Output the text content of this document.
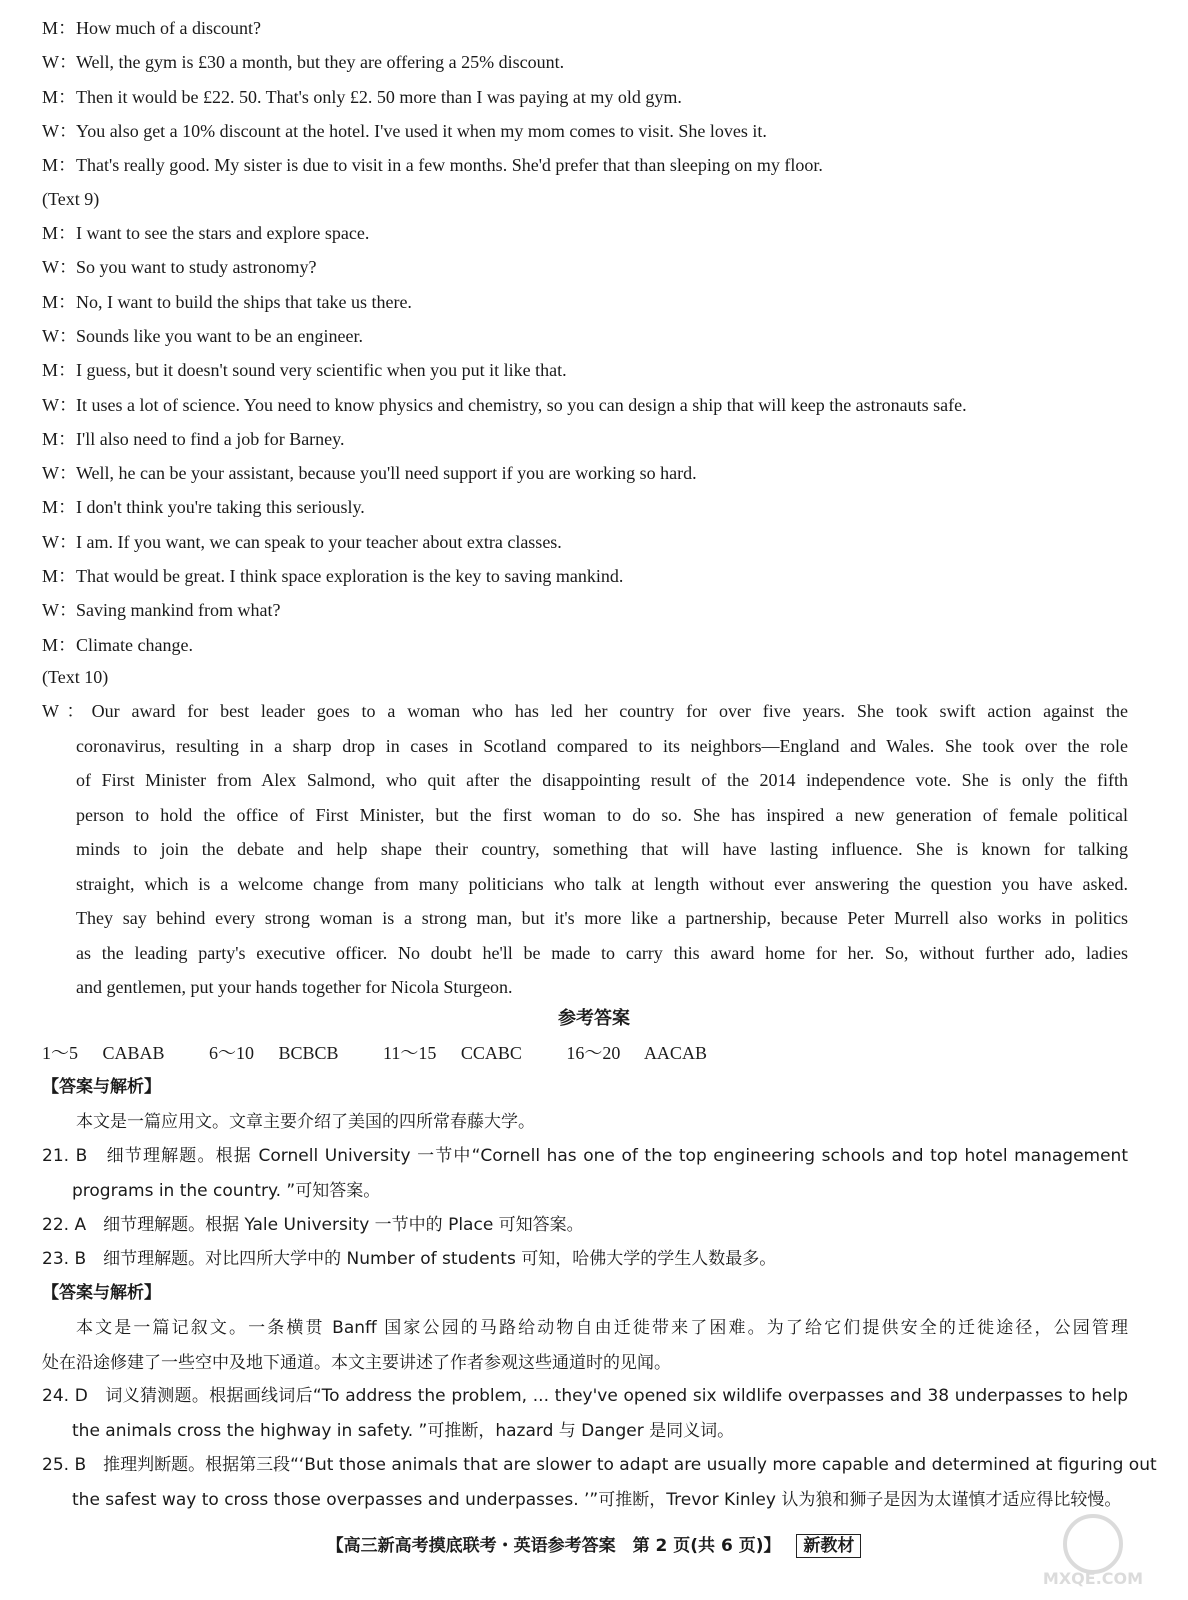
M：How much of a discount?
W：Well, the gym is £30 a month, but they are offering a 25% discount.
M：Then it would be £22. 50. That's only £2. 50 more than I was paying at my old gym.
W：You also get a 10% discount at the hotel. I've used it when my mom comes to visit. She loves it.
M：That's really good. My sister is due to visit in a few months. She'd prefer that than sleeping on my floor.
(Text 9)
M：I want to see the stars and explore space.
W：So you want to study astronomy?
M：No, I want to build the ships that take us there.
W：Sounds like you want to be an engineer.
M：I guess, but it doesn't sound very scientific when you put it like that.
W：It uses a lot of science. You need to know physics and chemistry, so you can design a ship that will keep the astronauts safe.
M：I'll also need to find a job for Barney.
W：Well, he can be your assistant, because you'll need support if you are working so hard.
M：I don't think you're taking this seriously.
W：I am. If you want, we can speak to your teacher about extra classes.
M：That would be great. I think space exploration is the key to saving mankind.
W：Saving mankind from what?
M：Climate change.
(Text 10)
W：Our award for best leader goes to a woman who has led her country for over five years. She took swift action against the
coronavirus, resulting in a sharp drop in cases in Scotland compared to its neighbors—England and Wales. She took over the role
of First Minister from Alex Salmond, who quit after the disappointing result of the 2014 independence vote. She is only the fifth
person to hold the office of First Minister, but the first woman to do so. She has inspired a new generation of female political
minds to join the debate and help shape their country, something that will have lasting influence. She is known for talking
straight, which is a welcome change from many politicians who talk at length without ever answering the question you have asked.
They say behind every strong woman is a strong man, but it's more like a partnership, because Peter Murrell also works in politics
as the leading party's executive officer. No doubt he'll be made to carry this award home for her. So, without further ado, ladies
and gentlemen, put your hands together for Nicola Sturgeon.
参考答案
1～5 CABAB 6～10 BCBCB 11～15 CCABC 16～20 AACAB
【答案与解析】
本文是一篇应用文。文章主要介绍了美国的四所常春藤大学。
21. B　细节理解题。根据 Cornell University 一节中“Cornell has one of the top engineering schools and top hotel management
programs in the country. ”可知答案。
22. A　细节理解题。根据 Yale University 一节中的 Place 可知答案。
23. B　细节理解题。对比四所大学中的 Number of students 可知，哈佛大学的学生人数最多。
【答案与解析】
本文是一篇记叙文。一条横贯 Banff 国家公园的马路给动物自由迁徙带来了困难。为了给它们提供安全的迁徙途径，公园管理
处在沿途修建了一些空中及地下通道。本文主要讲述了作者参观这些通道时的见闻。
24. D　词义猜测题。根据画线词后“To address the problem, ... they've opened six wildlife overpasses and 38 underpasses to help
the animals cross the highway in safety. ”可推断，hazard 与 Danger 是同义词。
25. B　推理判断题。根据第三段“‘But those animals that are slower to adapt are usually more capable and determined at figuring out
the safest way to cross those overpasses and underpasses. ’”可推断，Trevor Kinley 认为狼和狮子是因为太谨慎才适应得比较慢。
【高三新高考摸底联考・英语参考答案　第 2 页(共 6 页)】 新教材
MXQE.COM
